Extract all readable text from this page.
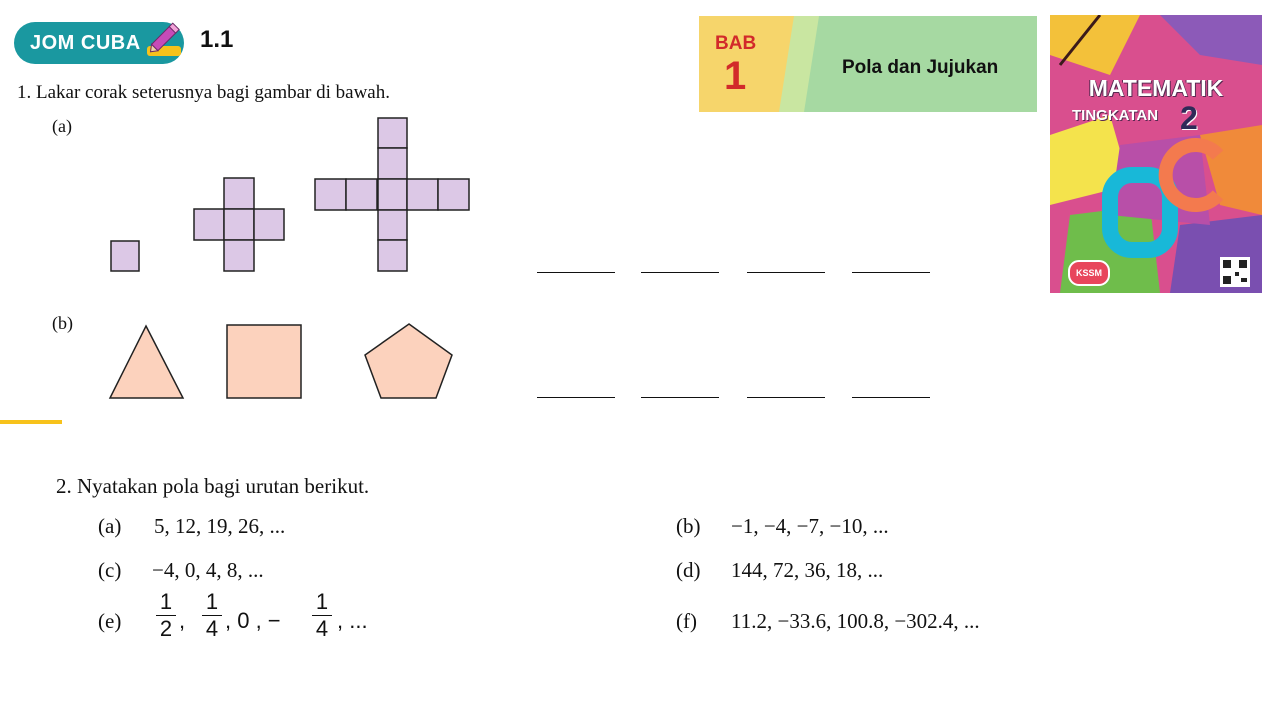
JOM CUBA	1.1	BAB
1	Pola dan Jujukan
MATEMATIK
TINGKATAN 2
KSSM
1. Lakar corak seterusnya bagi gambar di bawah.
(a)
(b)
2. Nyatakan pola bagi urutan berikut.
(a) 5, 12, 19, 26, ...	(b) −1, −4, −7, −10, ...
(c) −4, 0, 4, 8, ...	(d) 144, 72, 36, 18, ...
(e)
1
2 ,
1
4 , 0 , −
1
4 , ...	(f) 11.2, −33.6, 100.8, −302.4, ...
